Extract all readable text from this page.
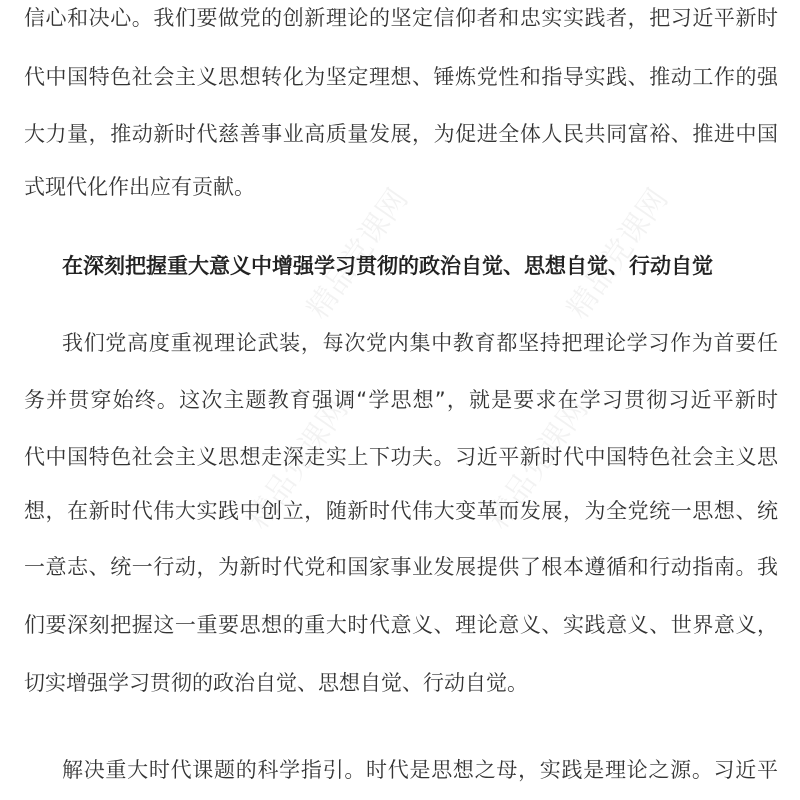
精品党课网	精品党课网
精品党课网	精品党课网
信心和决心。我们要做党的创新理论的坚定信仰者和忠实实践者，把习近平新时
代中国特色社会主义思想转化为坚定理想、锤炼党性和指导实践、推动工作的强
大力量，推动新时代慈善事业高质量发展，为促进全体人民共同富裕、推进中国
式现代化作出应有贡献。
在深刻把握重大意义中增强学习贯彻的政治自觉、思想自觉、行动自觉
我们党高度重视理论武装，每次党内集中教育都坚持把理论学习作为首要任
务并贯穿始终。这次主题教育强调“学思想”，就是要求在学习贯彻习近平新时
代中国特色社会主义思想走深走实上下功夫。习近平新时代中国特色社会主义思
想，在新时代伟大实践中创立，随新时代伟大变革而发展，为全党统一思想、统
一意志、统一行动，为新时代党和国家事业发展提供了根本遵循和行动指南。我
们要深刻把握这一重要思想的重大时代意义、理论意义、实践意义、世界意义，
切实增强学习贯彻的政治自觉、思想自觉、行动自觉。
解决重大时代课题的科学指引。时代是思想之母，实践是理论之源。习近平
